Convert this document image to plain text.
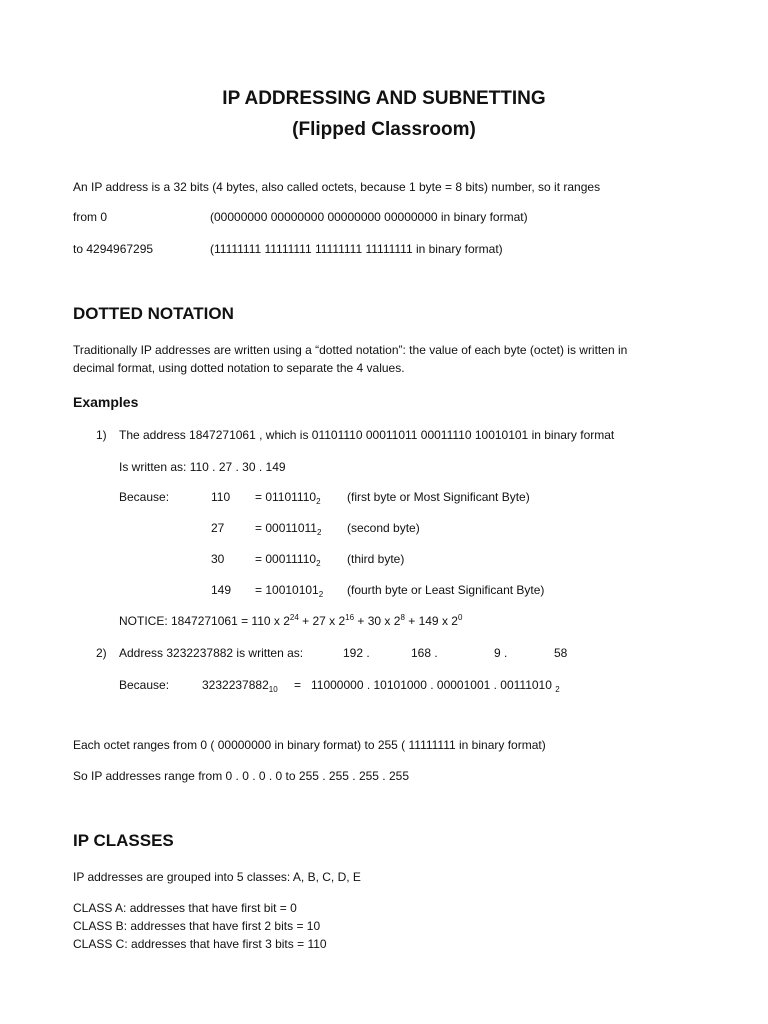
IP ADDRESSING AND SUBNETTING
(Flipped Classroom)
An IP address is a 32 bits (4 bytes, also called octets, because 1 byte = 8 bits) number, so it ranges
from 0	(00000000 00000000 00000000 00000000 in binary format)
to 4294967295	(11111111 11111111 11111111 11111111 in binary format)
DOTTED NOTATION
Traditionally IP addresses are written using a “dotted notation”: the value of each byte (octet) is written in
decimal format, using dotted notation to separate the 4 values.
Examples
1) The address 1847271061 , which is 01101110 00011011 00011110 10010101 in binary format
Is written as: 110 . 27 . 30 . 149
Because:	$110 = 01101110_2$ (first byte or Most Significant Byte)
27	= $00011011_2$ (second byte)
30	= $00011110_2$ (third byte)
$149 = 10010101_2$ (fourth byte or Least Significant Byte)
NOTICE: 1847271061 = 110 x $2^{24} + 27$ x $2^{16} + 30$ x $2^8 + 149$ x $2^0$
2) Address 3232237882 is written as:	192 .	168 .	9 .	58
Because:	$3232237882_{10} = 11000000$ . 10101000 . 00001001 . 00111010 $_2$
Each octet ranges from 0 ( 00000000 in binary format) to 255 ( 11111111 in binary format)
So IP addresses range from 0 . 0 . 0 . 0 to 255 . 255 . 255 . 255
IP CLASSES
IP addresses are grouped into 5 classes: A, B, C, D, E
CLASS A: addresses that have first bit = 0
CLASS B: addresses that have first 2 bits = 10
CLASS C: addresses that have first 3 bits = 110
